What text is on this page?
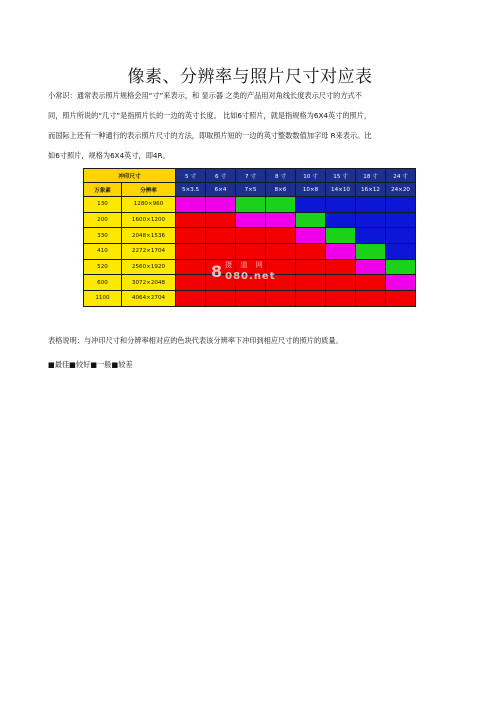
像素、分辨率与照片尺寸对应表
小常识：通常表示照片规格会用“寸”来表示，和 显示器 之类的产品用对角线长度表示尺寸的方式不
同，照片所说的“几寸”是指照片长的一边的英寸长度。 比如6寸照片，就是指规格为6X4英寸的照片，
而国际上还有一种通行的表示照片尺寸的方法，即取照片短的一边的英寸整数数值加字母 R来表示。比
如6寸照片，规格为6X4英寸，即4R。
冲印尺寸		5 寸	6 寸	7 寸	8 寸	10 寸	15 寸	18 寸	24 寸
万象素	分辨率	5×3.5	6×4	7×5	8×6	10×8	14×10	16×12	24×20
130	1280×960								
200	1600×1200								
330	2048×1536								
410	2272×1704								
520	2560×1920								
600	3072×2048								
1100	4064×2704								
8 摄 道 网
080.net
表格说明：与冲印尺寸和分辨率相对应的色块代表该分辨率下冲印到相应尺寸的照片的质量。
■最佳■较好■一般■较差
